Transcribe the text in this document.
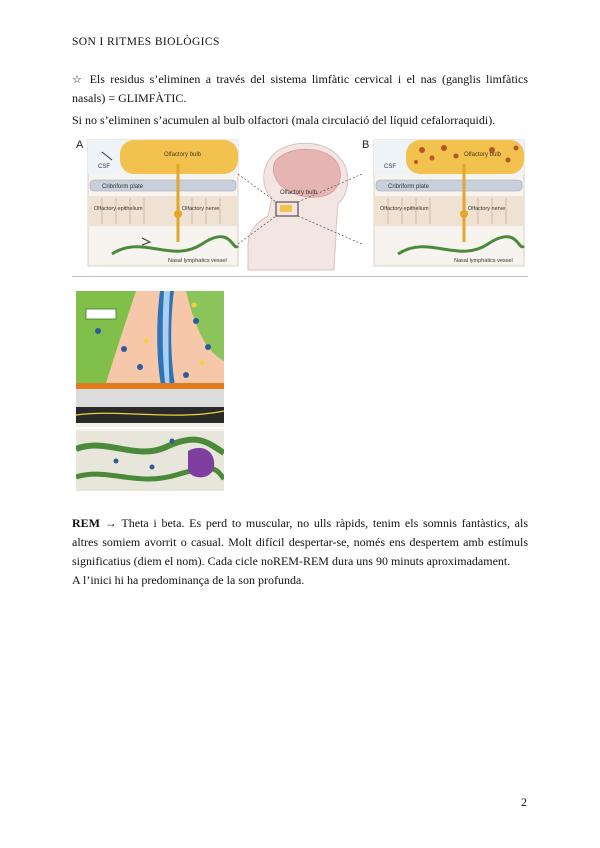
SON I RITMES BIOLÒGICS

☆ Els residus s’eliminen a través del sistema limfàtic cervical i el nas (ganglis limfàtics nasals) = GLIMFÀTIC.

Si no s’eliminen s’acumulen al bulb olfactori (mala circulació del líquid cefalorraquidi).

A
CSF
Olfactory bulb
Cribriform plate
Olfactory epithelium	Olfactory nerve
Nasal lymphatics vessel
Olfactory bulb
B
CSF
Olfactory bulb
Cribriform plate
Olfactory epithelium	Olfactory nerve
Nasal lymphatics vessel

REM → Theta i beta. Es perd to muscular, no ulls ràpids, tenim els somnis fantàstics, als altres somiem avorrit o casual. Molt difícil despertar-se, només ens despertem amb estímuls significatius (diem el nom). Cada cicle noREM-REM dura uns 90 minuts aproximadament.
A l’inici hi ha predominança de la son profunda.

2
